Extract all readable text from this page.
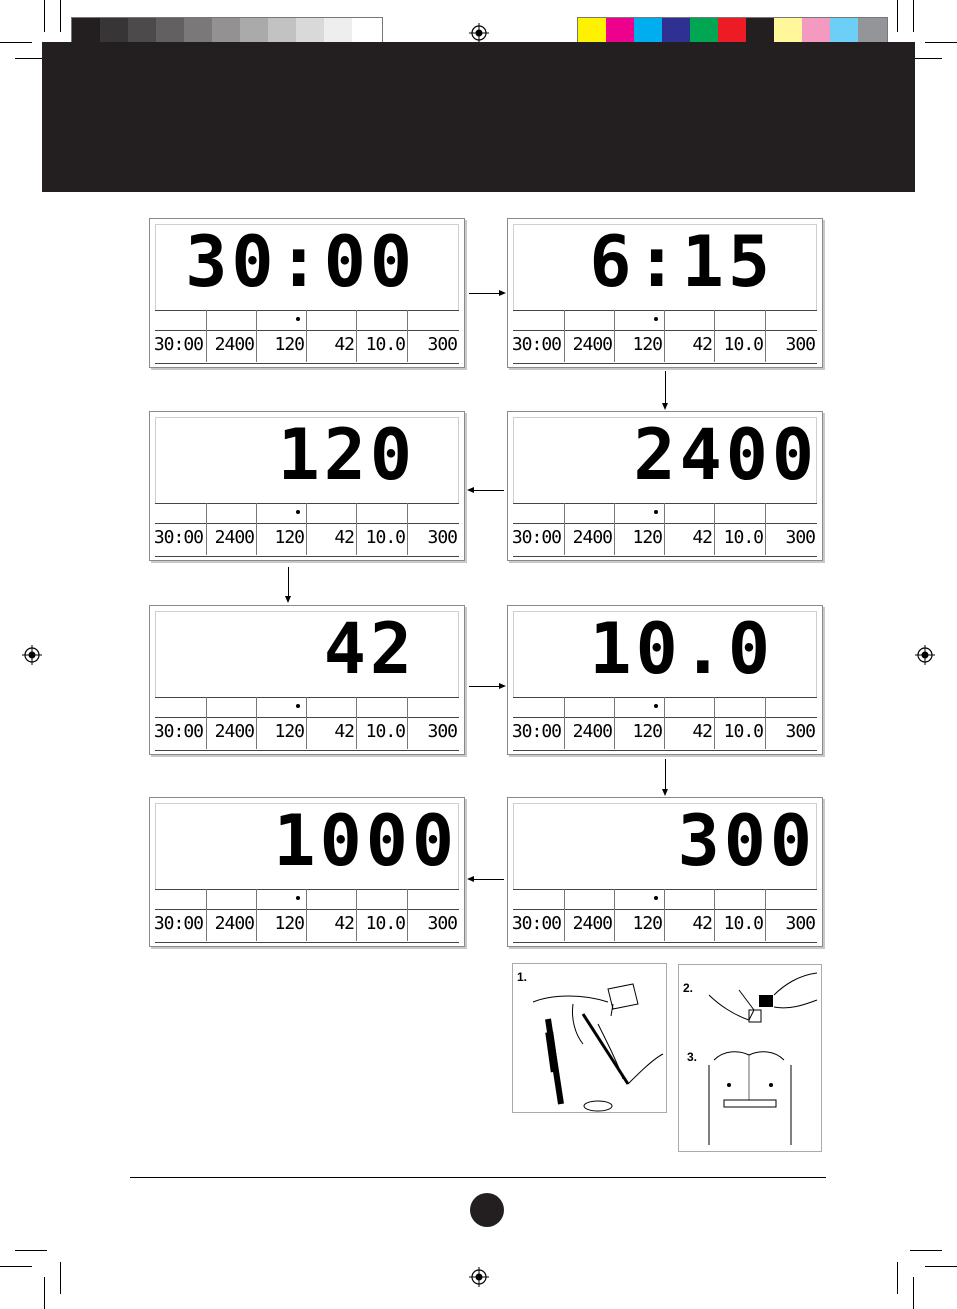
30:00
30:00 2400 120 42 10.0 300
6:15
30:00 2400 120 42 10.0 300
120
30:00 2400 120 42 10.0 300
2400
30:00 2400 120 42 10.0 300
42
30:00 2400 120 42 10.0 300
10.0
30:00 2400 120 42 10.0 300
1000
30:00 2400 120 42 10.0 300
300
30:00 2400 120 42 10.0 300
1.
2.
3.
